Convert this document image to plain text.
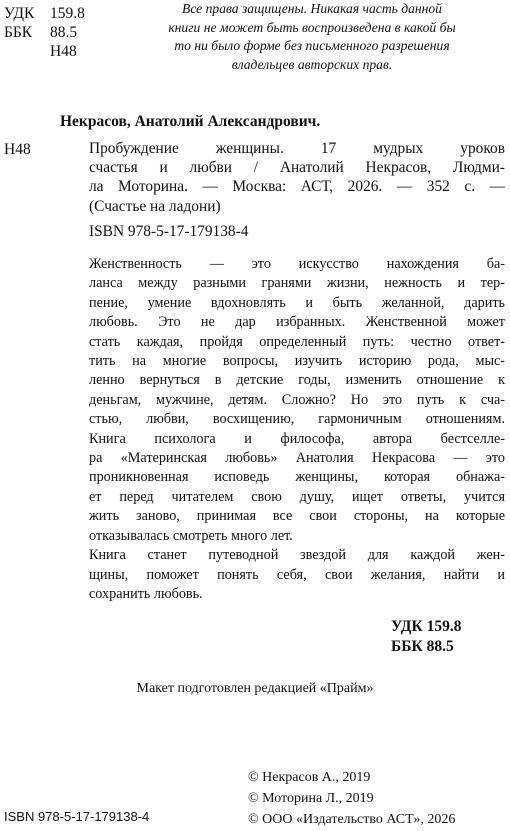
УДК	159.8
ББК	88.5
Н48
Все права защищены. Никакая часть данной
книги не может быть воспроизведена в какой бы
то ни было форме без письменного разрешения
владельцев авторских прав.
Некрасов, Анатолий Александрович.
Н48	Пробуждение женщины. 17 мудрых уроков

счастья и любви / Анатолий Некрасов, Людми-

ла Моторина. — Москва: АСТ, 2026. — 352 с. —

(Счастье на ладони)

ISBN 978-5-17-179138-4

Женственность — это искусство нахождения ба-

ланса между разными гранями жизни, нежность и тер-

пение, умение вдохновлять и быть желанной, дарить

любовь. Это не дар избранных. Женственной может

стать каждая, пройдя определенный путь: честно ответ-

тить на многие вопросы, изучить историю рода, мыс-

ленно вернуться в детские годы, изменить отношение к

деньгам, мужчине, детям. Сложно? Но это путь к сча-

стью, любви, восхищению, гармоничным отношениям.

Книга психолога и философа, автора бестселле-

ра «Материнская любовь» Анатолия Некрасова — это

проникновенная исповедь женщины, которая обнажа-

ет перед читателем свою душу, ищет ответы, учится

жить заново, принимая все свои стороны, на которые

отказывалась смотреть много лет.

Книга станет путеводной звездой для каждой жен-

щины, поможет понять себя, свои желания, найти и

сохранить любовь.

УДК 159.8
ББК 88.5
Макет подготовлен редакцией «Прайм»
© Некрасов А., 2019
© Моторина Л., 2019
© ООО «Издательство АСТ», 2026
ISBN 978-5-17-179138-4
